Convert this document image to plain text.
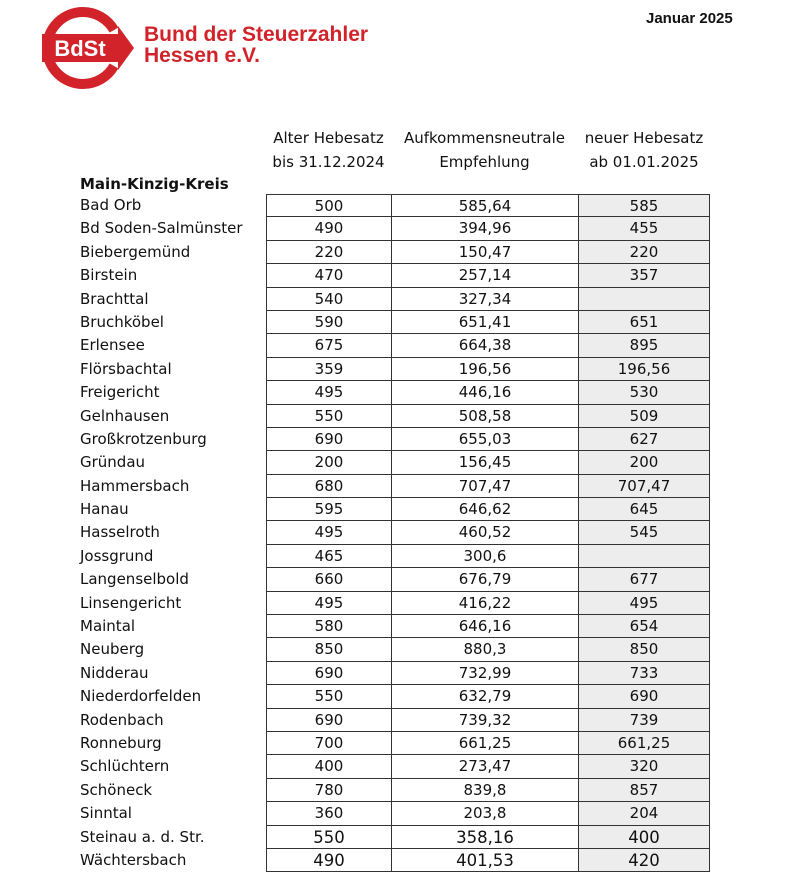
BdSt
Bund der Steuerzahler
Hessen e.V.
Januar 2025
Alter Hebesatz
bis 31.12.2024
Aufkommensneutrale
Empfehlung
neuer Hebesatz
ab 01.01.2025
Main-Kinzig-Kreis
Bad Orb	500	585,64	585
Bd Soden-Salmünster	490	394,96	455
Biebergemünd	220	150,47	220
Birstein	470	257,14	357
Brachttal	540	327,34
Bruchköbel	590	651,41	651
Erlensee	675	664,38	895
Flörsbachtal	359	196,56	196,56
Freigericht	495	446,16	530
Gelnhausen	550	508,58	509
Großkrotzenburg	690	655,03	627
Gründau	200	156,45	200
Hammersbach	680	707,47	707,47
Hanau	595	646,62	645
Hasselroth	495	460,52	545
Jossgrund	465	300,6
Langenselbold	660	676,79	677
Linsengericht	495	416,22	495
Maintal	580	646,16	654
Neuberg	850	880,3	850
Nidderau	690	732,99	733
Niederdorfelden	550	632,79	690
Rodenbach	690	739,32	739
Ronneburg	700	661,25	661,25
Schlüchtern	400	273,47	320
Schöneck	780	839,8	857
Sinntal	360	203,8	204
Steinau a. d. Str.	550	358,16	400
Wächtersbach	490	401,53	420
